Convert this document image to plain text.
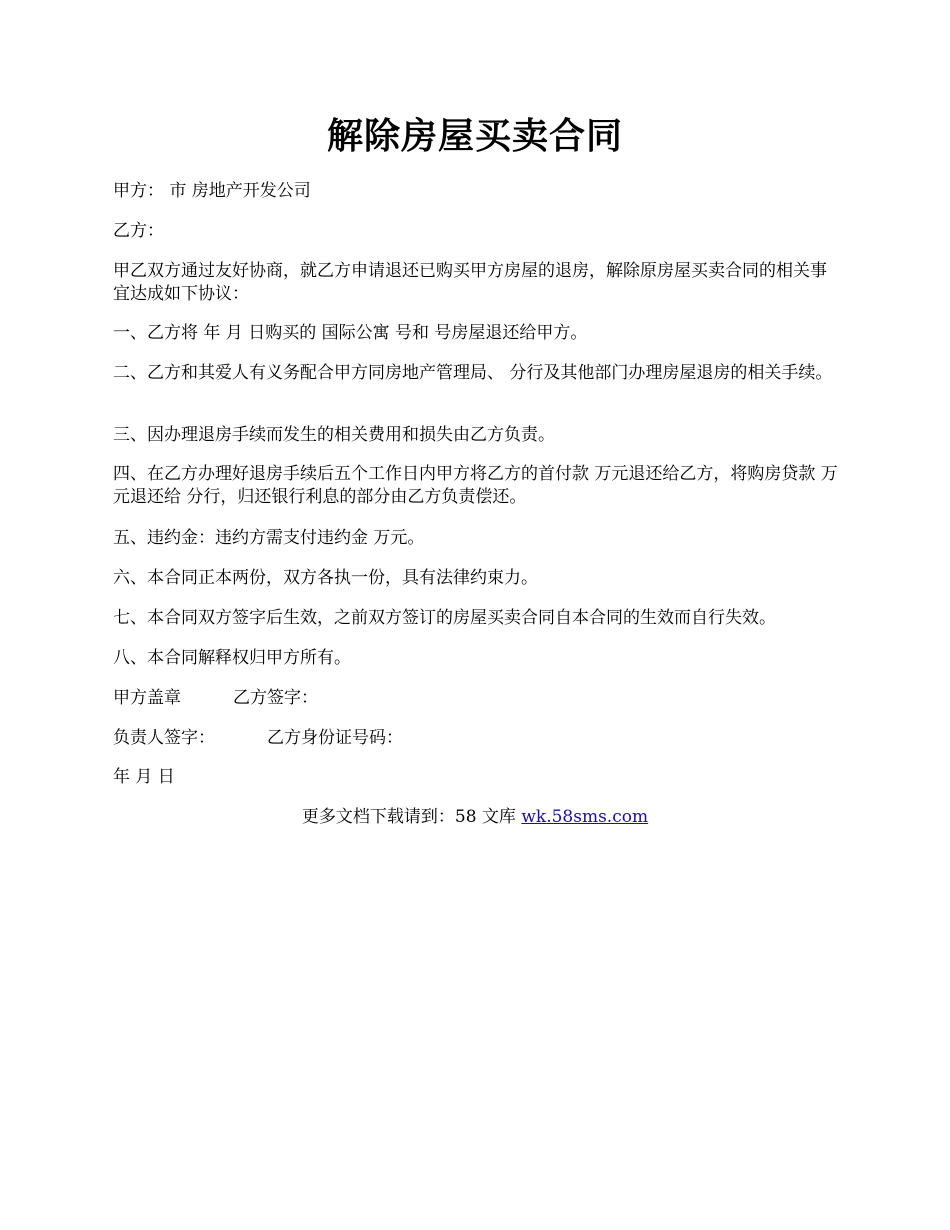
解除房屋买卖合同

甲方： 市 房地产开发公司

乙方：

甲乙双方通过友好协商，就乙方申请退还已购买甲方房屋的退房，解除原房屋买卖合同的相关事宜达成如下协议：

一、乙方将 年 月 日购买的 国际公寓 号和 号房屋退还给甲方。

二、乙方和其爱人有义务配合甲方同房地产管理局、 分行及其他部门办理房屋退房的相关手续。

三、因办理退房手续而发生的相关费用和损失由乙方负责。

四、在乙方办理好退房手续后五个工作日内甲方将乙方的首付款 万元退还给乙方，将购房贷款 万元退还给 分行，归还银行利息的部分由乙方负责偿还。

五、违约金：违约方需支付违约金 万元。

六、本合同正本两份，双方各执一份，具有法律约束力。

七、本合同双方签字后生效，之前双方签订的房屋买卖合同自本合同的生效而自行失效。

八、本合同解释权归甲方所有。

甲方盖章	乙方签字：
负责人签字：	乙方身份证号码：
年 月 日
更多文档下载请到：58 文库 wk.58sms.com
